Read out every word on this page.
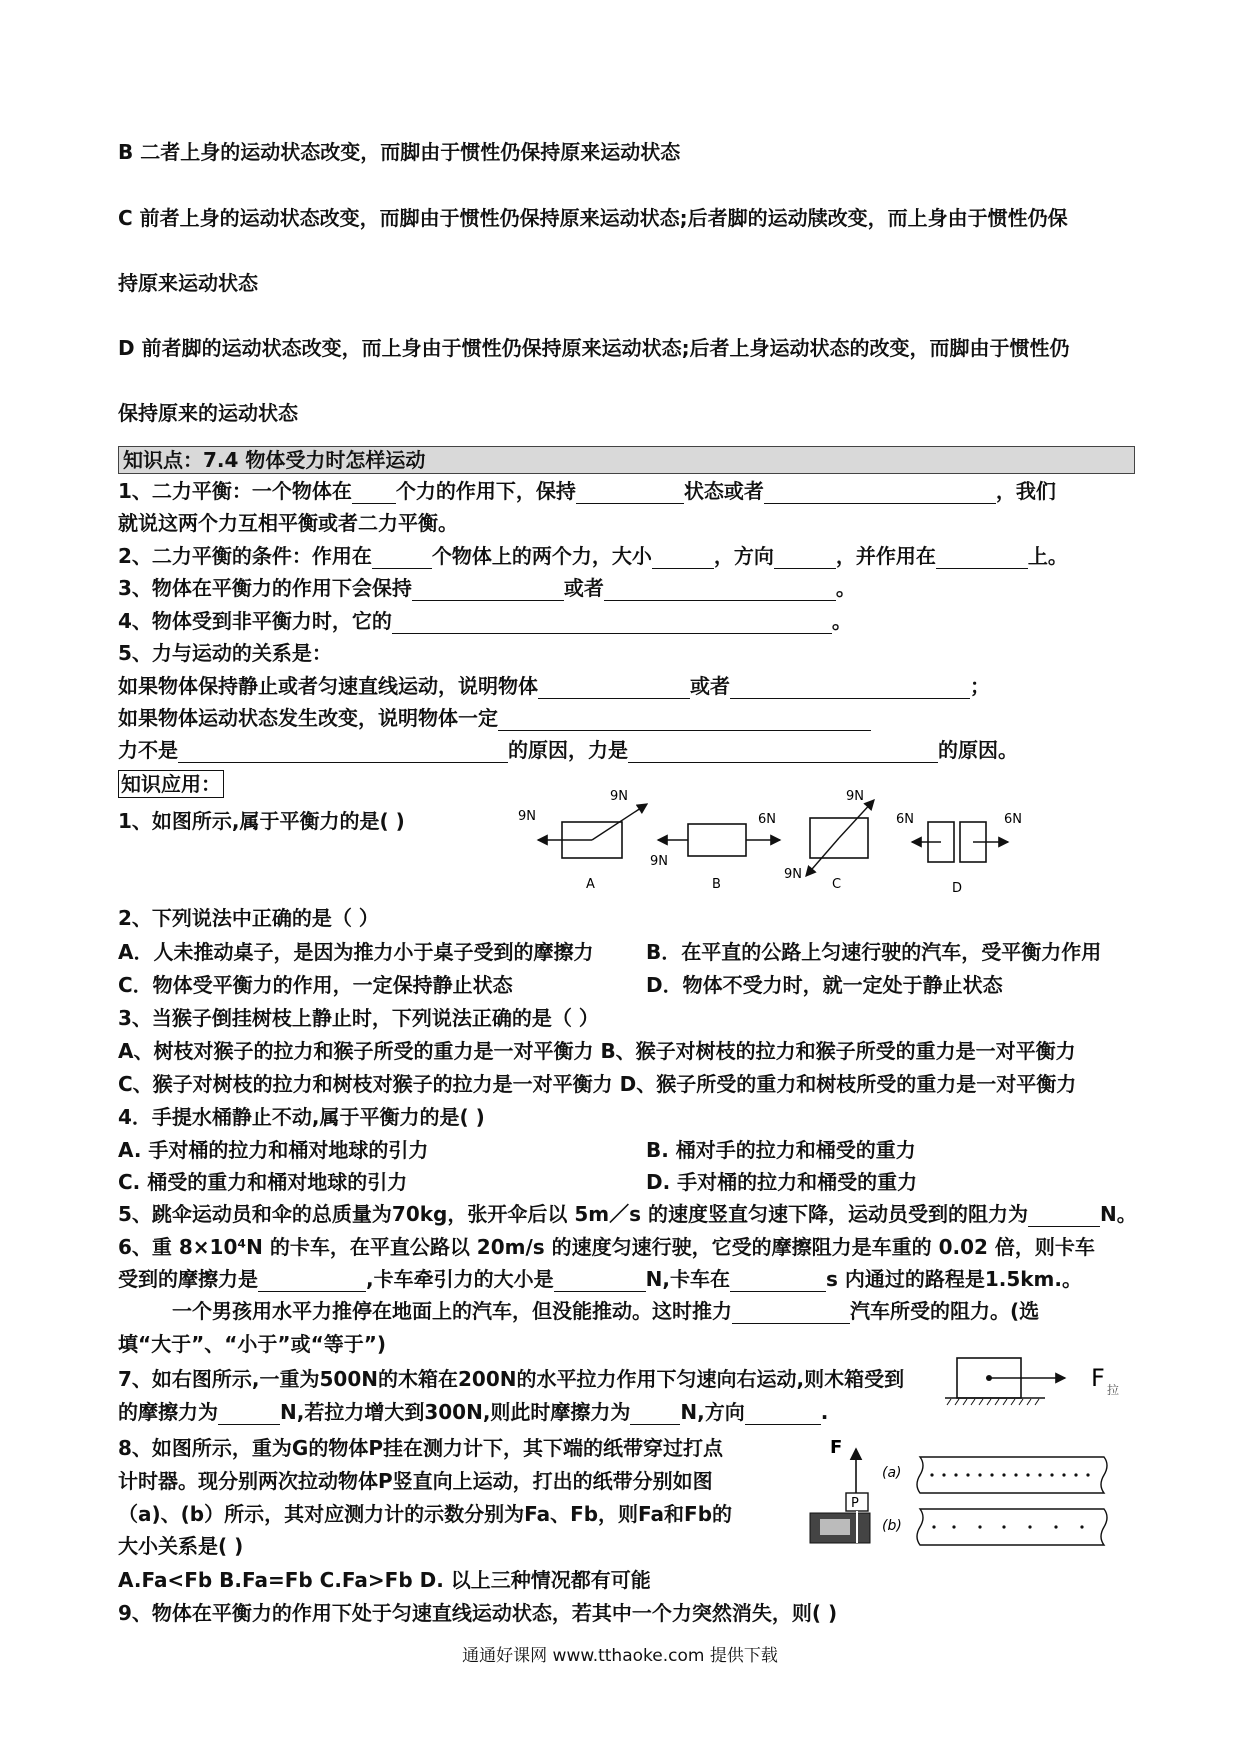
B 二者上身的运动状态改变，而脚由于惯性仍保持原来运动状态
C 前者上身的运动状态改变，而脚由于惯性仍保持原来运动状态;后者脚的运动牍改变，而上身由于惯性仍保
持原来运动状态
D 前者脚的运动状态改变，而上身由于惯性仍保持原来运动状态;后者上身运动状态的改变，而脚由于惯性仍
保持原来的运动状态
知识点：7.4 物体受力时怎样运动
1、二力平衡：一个物体在 个力的作用下，保持	状态或者	，我们
就说这两个力互相平衡或者二力平衡。
2、二力平衡的条件：作用在	个物体上的两个力，大小	，方向	，并作用在	上。
3、物体在平衡力的作用下会保持	或者	。
4、物体受到非平衡力时，它的	。
5、力与运动的关系是：
如果物体保持静止或者匀速直线运动，说明物体	或者	；
如果物体运动状态发生改变，说明物体一定
力不是	的原因，力是	的原因。
知识应用：
1、如图所示,属于平衡力的是( )
9N
9N
A
9N
6N
B
9N
9N
C
6N	6N
D
2、下列说法中正确的是（ ）
A．人未推动桌子，是因为推力小于桌子受到的摩擦力	B．在平直的公路上匀速行驶的汽车，受平衡力作用
C．物体受平衡力的作用，一定保持静止状态	D．物体不受力时，就一定处于静止状态
3、当猴子倒挂树枝上静止时，下列说法正确的是（ ）
A、树枝对猴子的拉力和猴子所受的重力是一对平衡力 B、猴子对树枝的拉力和猴子所受的重力是一对平衡力
C、猴子对树枝的拉力和树枝对猴子的拉力是一对平衡力 D、猴子所受的重力和树枝所受的重力是一对平衡力
4．手提水桶静止不动,属于平衡力的是( )
A. 手对桶的拉力和桶对地球的引力	B. 桶对手的拉力和桶受的重力
C. 桶受的重力和桶对地球的引力	D. 手对桶的拉力和桶受的重力
5、跳伞运动员和伞的总质量为70kg，张开伞后以 5m／s 的速度竖直匀速下降，运动员受到的阻力为	N。
6、重 8×10⁴N 的卡车，在平直公路以 20m/s 的速度匀速行驶，它受的摩擦阻力是车重的 0.02 倍，则卡车
受到的摩擦力是	,卡车牵引力的大小是	N,卡车在	s 内通过的路程是1.5km.。
一个男孩用水平力推停在地面上的汽车，但没能推动。这时推力	汽车所受的阻力。(选
填“大于”、“小于”或“等于”)
7、如右图所示,一重为500N的木箱在200N的水平拉力作用下匀速向右运动,则木箱受到
的摩擦力为	N,若拉力增大到300N,则此时摩擦力为	N,方向	.
F 拉
8、如图所示，重为G的物体P挂在测力计下，其下端的纸带穿过打点
计时器。现分别两次拉动物体P竖直向上运动，打出的纸带分别如图
（a)、(b）所示，其对应测力计的示数分别为Fa、Fb，则Fa和Fb的
大小关系是( )
A.Fa<Fb B.Fa=Fb C.Fa>Fb D. 以上三种情况都有可能
F
P
(a)
(b)
9、物体在平衡力的作用下处于匀速直线运动状态，若其中一个力突然消失，则( )
通通好课网 www.tthaoke.com 提供下载
